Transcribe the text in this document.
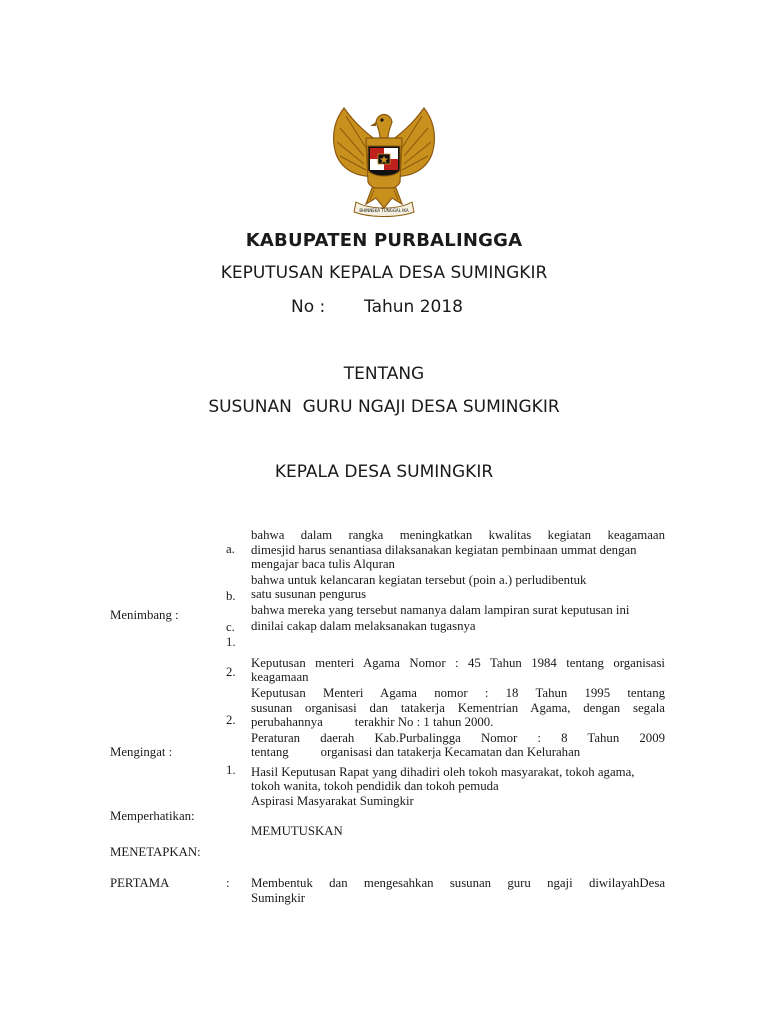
BHINNEKA TUNGGAL IKA
KABUPATEN PURBALINGGA
KEPUTUSAN KEPALA DESA SUMINGKIR
No : Tahun 2018
TENTANG
SUSUNAN  GURU NGAJI DESA SUMINGKIR
KEPALA DESA SUMINGKIR
Menimbang :
a.
b.
c.
1.
bahwa dalam rangka meningkatkan kwalitas kegiatan keagamaan
dimesjid harus senantiasa dilaksanakan kegiatan pembinaan ummat dengan
mengajar baca tulis Alquran
bahwa untuk kelancaran kegiatan tersebut (poin a.) perludibentuk
satu susunan pengurus
bahwa mereka yang tersebut namanya dalam lampiran surat keputusan ini
dinilai cakap dalam melaksanakan tugasnya
Mengingat :
2.
2.
1.
Keputusan menteri Agama Nomor : 45 Tahun 1984 tentang organisasi
keagamaan
Keputusan Menteri Agama nomor : 18 Tahun 1995 tentang
susunan organisasi dan tatakerja Kementrian Agama, dengan segala
perubahannya          terakhir No : 1 tahun 2000.
Peraturan daerah Kab.Purbalingga Nomor : 8 Tahun 2009
tentang          organisasi dan tatakerja Kecamatan dan Kelurahan
Hasil Keputusan Rapat yang dihadiri oleh tokoh masyarakat, tokoh agama,
tokoh wanita, tokoh pendidik dan tokoh pemuda
Aspirasi Masyarakat Sumingkir
Memperhatikan:
MEMUTUSKAN
MENETAPKAN:
PERTAMA	: Membentuk dan mengesahkan susunan guru ngaji diwilayahDesa
Sumingkir
